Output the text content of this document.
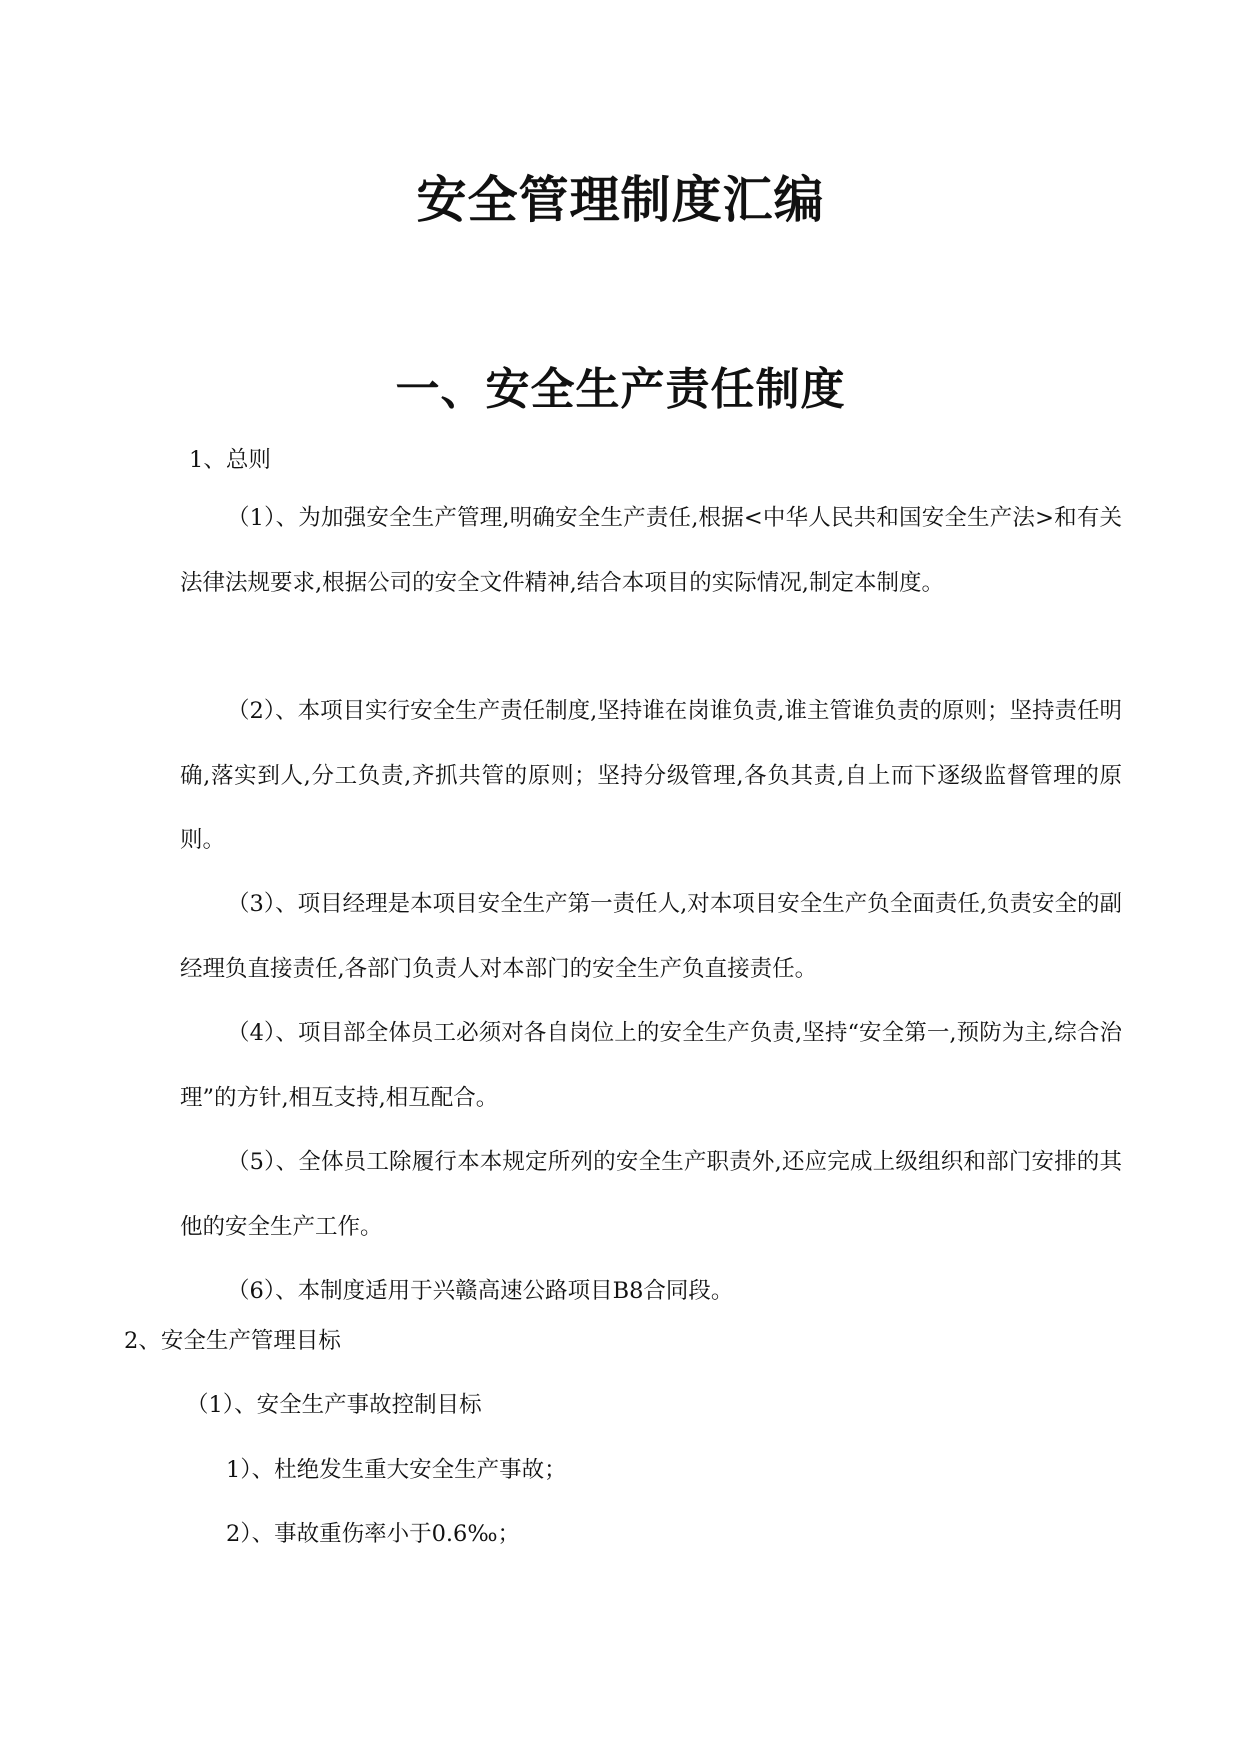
安全管理制度汇编
一、安全生产责任制度

1、总则

（1）、为加强安全生产管理,明确安全生产责任,根据<中华人民共和国安全生产法>和有关法律法规要求,根据公司的安全文件精神,结合本项目的实际情况,制定本制度。

（2）、本项目实行安全生产责任制度,坚持谁在岗谁负责,谁主管谁负责的原则；坚持责任明确,落实到人,分工负责,齐抓共管的原则；坚持分级管理,各负其责,自上而下逐级监督管理的原则。

（3）、项目经理是本项目安全生产第一责任人,对本项目安全生产负全面责任,负责安全的副经理负直接责任,各部门负责人对本部门的安全生产负直接责任。

（4）、项目部全体员工必须对各自岗位上的安全生产负责,坚持“安全第一,预防为主,综合治理”的方针,相互支持,相互配合。

（5）、全体员工除履行本本规定所列的安全生产职责外,还应完成上级组织和部门安排的其他的安全生产工作。

（6）、本制度适用于兴赣高速公路项目B8合同段。

2、安全生产管理目标

（1）、安全生产事故控制目标

1）、杜绝发生重大安全生产事故；

2）、事故重伤率小于0.6‰；
